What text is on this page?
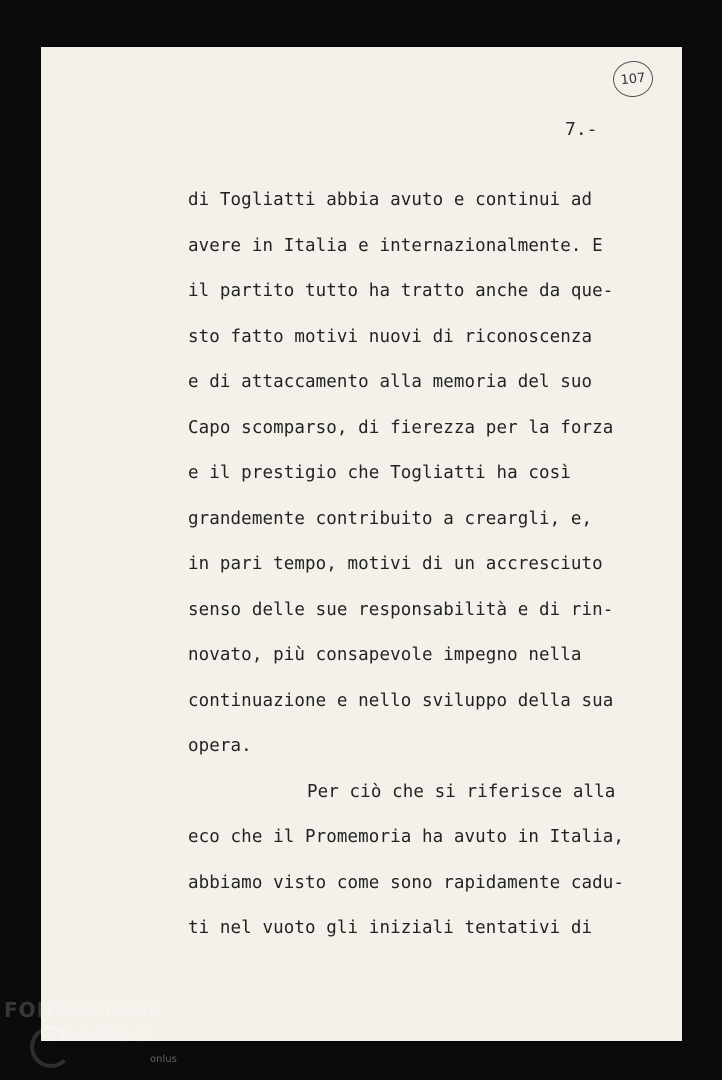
107
7.-
di Togliatti abbia avuto e continui ad
avere in Italia e internazionalmente. E
il partito tutto ha tratto anche da que-
sto fatto motivi nuovi di riconoscenza
e di attaccamento alla memoria del suo
Capo scomparso, di fierezza per la forza
e il prestigio che Togliatti ha così
grandemente contribuito a creargli, e,
in pari tempo, motivi di un accresciuto
senso delle sue responsabilità e di rin-
novato, più consapevole impegno nella
continuazione e nello sviluppo della sua
opera.
Per ciò che si riferisce alla
eco che il Promemoria ha avuto in Italia,
abbiamo visto come sono rapidamente cadu-
ti nel vuoto gli iniziali tentativi di
FONDAZIONE
GRAMSCI
onlus
